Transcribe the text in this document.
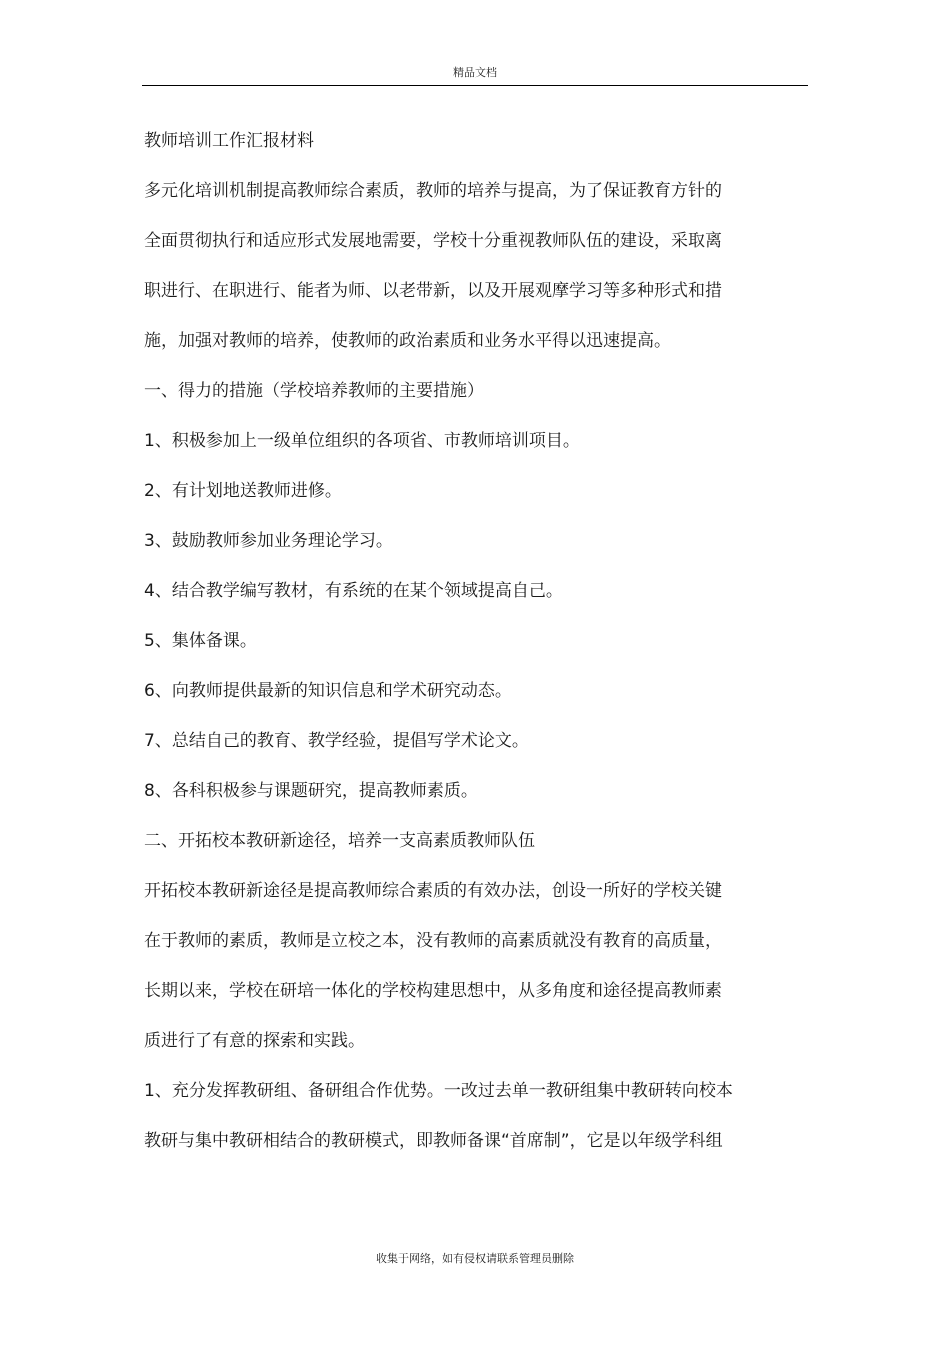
精品文档
教师培训工作汇报材料
多元化培训机制提高教师综合素质，教师的培养与提高，为了保证教育方针的
全面贯彻执行和适应形式发展地需要，学校十分重视教师队伍的建设，采取离
职进行、在职进行、能者为师、以老带新，以及开展观摩学习等多种形式和措
施，加强对教师的培养，使教师的政治素质和业务水平得以迅速提高。
一、得力的措施（学校培养教师的主要措施）
1、积极参加上一级单位组织的各项省、市教师培训项目。
2、有计划地送教师进修。
3、鼓励教师参加业务理论学习。
4、结合教学编写教材，有系统的在某个领域提高自己。
5、集体备课。
6、向教师提供最新的知识信息和学术研究动态。
7、总结自己的教育、教学经验，提倡写学术论文。
8、各科积极参与课题研究，提高教师素质。
二、开拓校本教研新途径，培养一支高素质教师队伍
开拓校本教研新途径是提高教师综合素质的有效办法，创设一所好的学校关键
在于教师的素质，教师是立校之本，没有教师的高素质就没有教育的高质量，
长期以来，学校在研培一体化的学校构建思想中，从多角度和途径提高教师素
质进行了有意的探索和实践。
1、充分发挥教研组、备研组合作优势。一改过去单一教研组集中教研转向校本
教研与集中教研相结合的教研模式，即教师备课“首席制”，它是以年级学科组
收集于网络，如有侵权请联系管理员删除
